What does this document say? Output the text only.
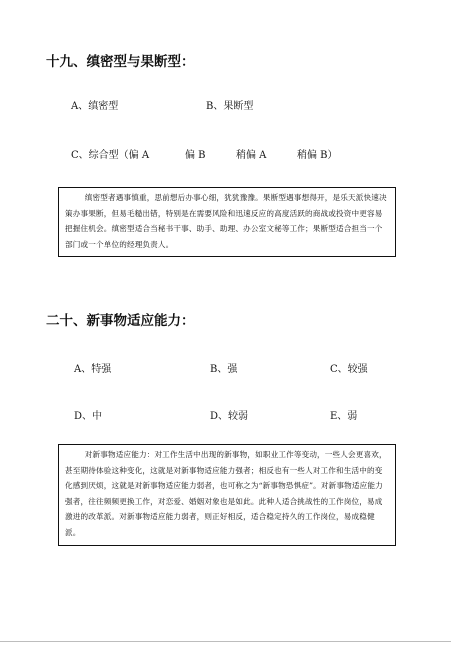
十九、缜密型与果断型：
A、缜密型	B、果断型
C、综合型（偏 A	偏 B	稍偏 A	稍偏 B）

缜密型者遇事慎重，思前想后办事心细，犹犹豫豫。果断型遇事想得开，是乐天派快速决策办事果断，但易毛糙出错，特别是在需要风险和迅速反应的高度活跃的商战或投资中更容易把握住机会。缜密型适合当秘书干事、助手、助理、办公室文秘等工作；果断型适合担当一个部门或一个单位的经理负责人。

二十、新事物适应能力：
A、特强	B、强	C、较强
D、中	D、较弱	E、弱

对新事物适应能力：对工作生活中出现的新事物，如职业工作等变动，一些人会更喜欢，甚至期待体验这种变化，这就是对新事物适应能力强者；相反也有一些人对工作和生活中的变化感到厌烦，这就是对新事物适应能力弱者，也可称之为“新事物恐惧症”。对新事物适应能力强者，往往频频更换工作，对恋爱、婚姻对象也是如此。此种人适合挑战性的工作岗位，易成激进的改革派。对新事物适应能力弱者，则正好相反，适合稳定持久的工作岗位，易成稳健派。
